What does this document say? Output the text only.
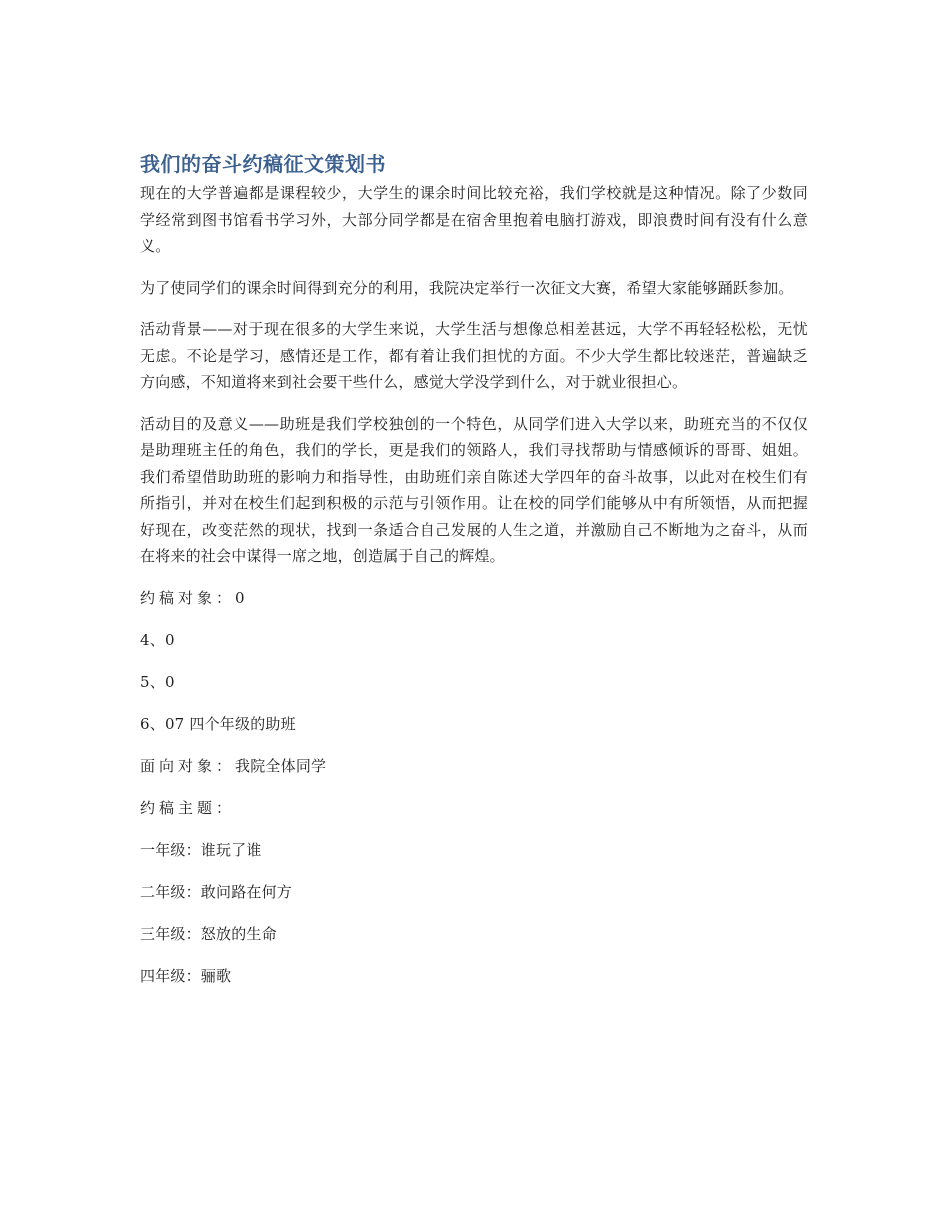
我们的奋斗约稿征文策划书

现在的大学普遍都是课程较少，大学生的课余时间比较充裕，我们学校就是这种情况。除了少数同学经常到图书馆看书学习外，大部分同学都是在宿舍里抱着电脑打游戏，即浪费时间有没有什么意义。

为了使同学们的课余时间得到充分的利用，我院决定举行一次征文大赛，希望大家能够踊跃参加。

活动背景——对于现在很多的大学生来说，大学生活与想像总相差甚远，大学不再轻轻松松，无忧无虑。不论是学习，感情还是工作，都有着让我们担忧的方面。不少大学生都比较迷茫，普遍缺乏方向感，不知道将来到社会要干些什么，感觉大学没学到什么，对于就业很担心。

活动目的及意义——助班是我们学校独创的一个特色，从同学们进入大学以来，助班充当的不仅仅是助理班主任的角色，我们的学长，更是我们的领路人，我们寻找帮助与情感倾诉的哥哥、姐姐。我们希望借助助班的影响力和指导性，由助班们亲自陈述大学四年的奋斗故事，以此对在校生们有所指引，并对在校生们起到积极的示范与引领作用。让在校的同学们能够从中有所领悟，从而把握好现在，改变茫然的现状，找到一条适合自己发展的人生之道，并激励自己不断地为之奋斗，从而在将来的社会中谋得一席之地，创造属于自己的辉煌。

约稿对象：0

4、0

5、0

6、07 四个年级的助班

面向对象：我院全体同学

约稿主题：

一年级：谁玩了谁

二年级：敢问路在何方

三年级：怒放的生命

四年级：骊歌
